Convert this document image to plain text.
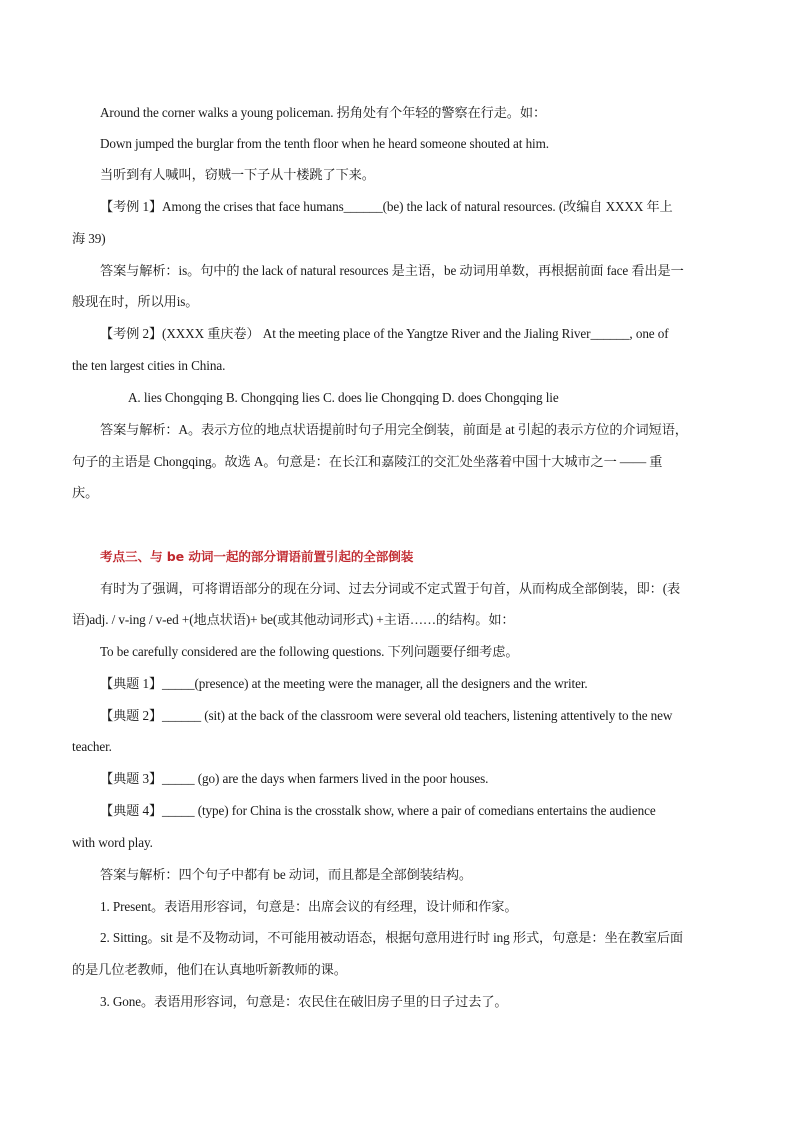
Around the corner walks a young policeman. 拐角处有个年轻的警察在行走。如：
Down jumped the burglar from the tenth floor when he heard someone shouted at him.
当听到有人喊叫，窃贼一下子从十楼跳了下来。
【考例 1】Among the crises that face humans______(be) the lack of natural resources. (改编自 XXXX 年上
海 39)
答案与解析：is。句中的 the lack of natural resources 是主语，be 动词用单数，再根据前面 face 看出是一
般现在时，所以用is。
【考例 2】(XXXX 重庆卷） At the meeting place of the Yangtze River and the Jialing River______, one of
the ten largest cities in China.
A. lies Chongqing B. Chongqing lies C. does lie Chongqing D. does Chongqing lie
答案与解析：A。表示方位的地点状语提前时句子用完全倒装，前面是 at 引起的表示方位的介词短语，
句子的主语是 Chongqing。故选 A。句意是：在长江和嘉陵江的交汇处坐落着中国十大城市之一 —— 重
庆。
考点三、与 be 动词一起的部分谓语前置引起的全部倒装
有时为了强调，可将谓语部分的现在分词、过去分词或不定式置于句首，从而构成全部倒装，即：(表
语)adj. / v-ing / v-ed +(地点状语)+ be(或其他动词形式) +主语……的结构。如：
To be carefully considered are the following questions. 下列问题要仔细考虑。
【典题 1】_____(presence) at the meeting were the manager, all the designers and the writer.
【典题 2】______ (sit) at the back of the classroom were several old teachers, listening attentively to the new
teacher.
【典题 3】_____ (go) are the days when farmers lived in the poor houses.
【典题 4】_____ (type) for China is the crosstalk show, where a pair of comedians entertains the audience
with word play.
答案与解析：四个句子中都有 be 动词，而且都是全部倒装结构。
1. Present。表语用形容词，句意是：出席会议的有经理，设计师和作家。
2. Sitting。sit 是不及物动词，不可能用被动语态，根据句意用进行时 ing 形式，句意是：坐在教室后面
的是几位老教师，他们在认真地听新教师的课。
3. Gone。表语用形容词，句意是：农民住在破旧房子里的日子过去了。
